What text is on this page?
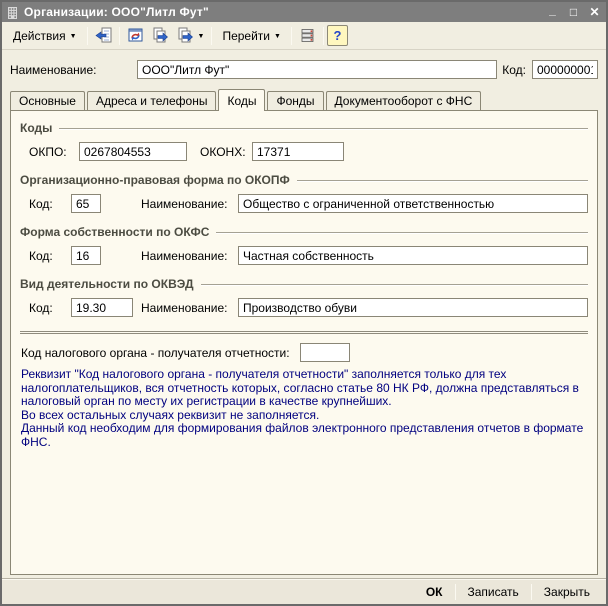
Организации: ООО"Литл Фут"	_	□	✕
Действия ▼	▼ Перейти ▼	?
Наименование:
ООО"Литл Фут"	Код:
000000001
Основные	Адреса и телефоны	Коды	Фонды	Документооборот с ФНС
Коды
ОКПО:
0267804553	ОКОНХ:
17371
Организационно-правовая форма по ОКОПФ
Код:
65	Наименование:
Общество с ограниченной ответственностью
Форма собственности по ОКФС
Код:
16	Наименование:
Частная собственность
Вид деятельности по ОКВЭД
Код:
19.30	Наименование:
Производство обуви
Код налогового органа - получателя отчетности:

Реквизит "Код налогового органа - получателя отчетности" заполняется только для тех налогоплательщиков, вся отчетность которых, согласно статье 80 НК РФ, должна представляться в налоговый орган по месту их регистрации в качестве крупнейших.

Во всех остальных случаях реквизит не заполняется.

Данный код необходим для формирования файлов электронного представления отчетов в формате ФНС.

ОК	Записать	Закрыть
